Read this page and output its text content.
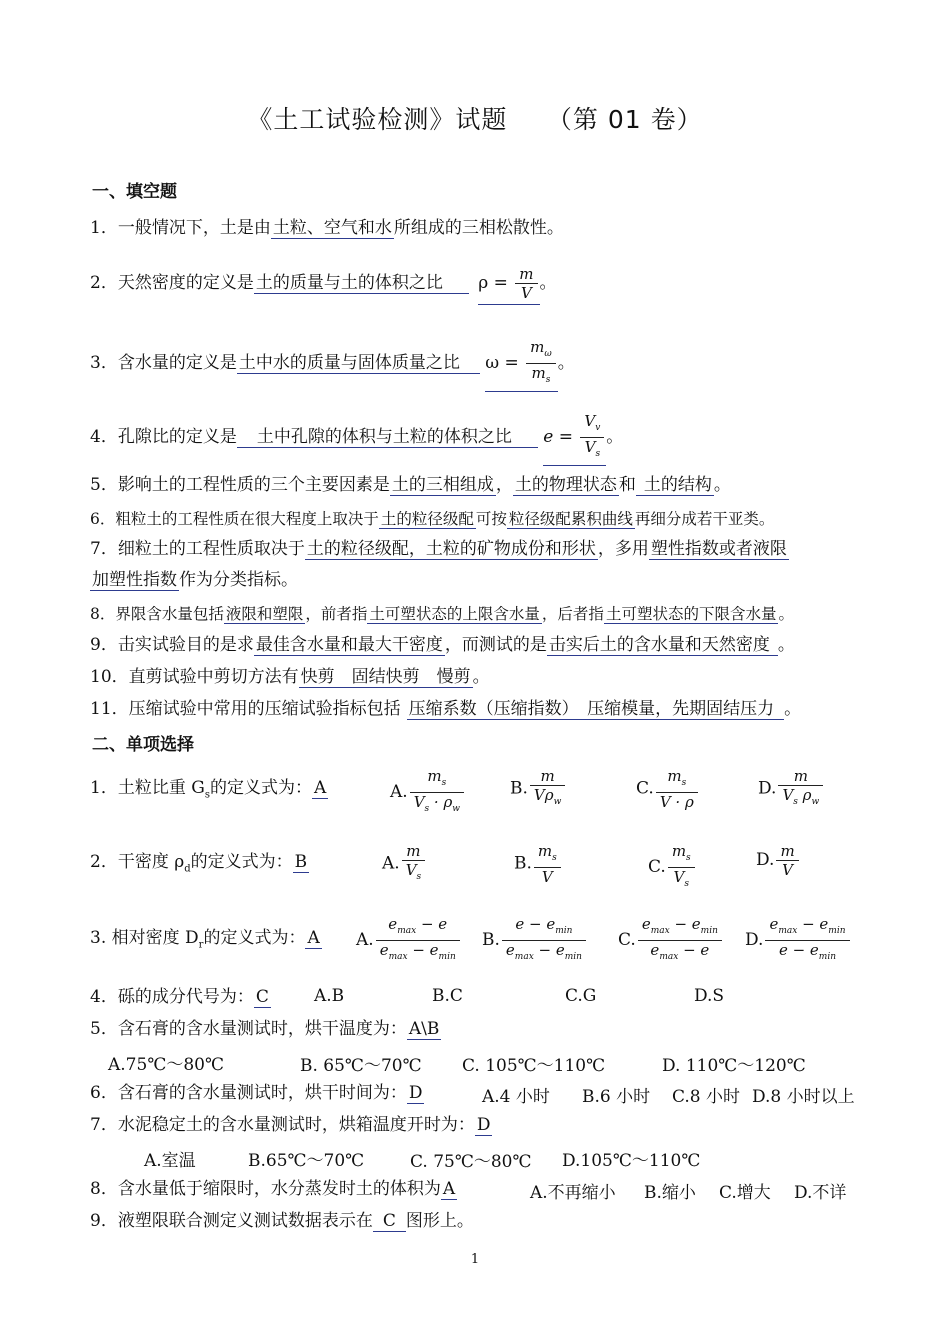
《土工试验检测》试题　　（第 01 卷）
一、填空题
1．一般情况下，土是由 土粒、空气和水 所组成的三相松散性。
2．天然密度的定义是 土的质量与土的体积之比 $\rho = \frac{m}{V}$ 。
3．含水量的定义是 土中水的质量与固体质量之比 $\omega = \frac{m_\omega}{m_s}$ 。
4．孔隙比的定义是 土中孔隙的体积与土粒的体积之比 $e = \frac{V_v}{V_s}$ 。
5．影响土的工程性质的三个主要因素是 土的三相组成 ， 土的物理状态 和 土的结构 。
6．粗粒土的工程性质在很大程度上取决于 土的粒径级配 可按 粒径级配累积曲线 再细分成若干亚类。
7．细粒土的工程性质取决于 土的粒径级配，土粒的矿物成份和形状 ，多用 塑性指数或者液限
加塑性指数 作为分类指标。
8．界限含水量包括 液限和塑限 ，前者指 土可塑状态的上限含水量 ，后者指 土可塑状态的下限含水量 。
9．击实试验目的是求 最佳含水量和最大干密度 ，而测试的是 击实后土的含水量和天然密度 。
10．直剪试验中剪切方法有 快剪　固结快剪　慢剪 。
11．压缩试验中常用的压缩试验指标包括 压缩系数（压缩指数）　压缩模量，先期固结压力 。
二、单项选择
1．土粒比重 $G_s$的定义式为： A	A. $\frac{m_s}{V_s \cdot \rho_w}$	B. $\frac{m}{V\rho_w}$	C. $\frac{m_s}{V \cdot \rho}$	D. $\frac{m}{V_s \rho_w}$
2．干密度 $\rho_d$的定义式为： B	A. $\frac{m}{V_s}$	B. $\frac{m_s}{V}$	C. $\frac{m_s}{V_s}$	D. $\frac{m}{V}$
3. 相对密度 $D_r$的定义式为： A A. $\frac{e_{max} - e}{e_{max} - e_{min}} B$. $\frac{e - e_{min}}{e_{max} - e_{min}} C$. $\frac{e_{max} - e_{min}}{e_{max} - e} D$. $\frac{e_{max} - e_{min}}{e - e_{min}}$
4．砾的成分代号为： C	A.B	B.C	C.G	D.S
5．含石膏的含水量测试时，烘干温度为： A\B
A.75℃～80℃	B. 65℃～70℃ C. 105℃～110℃	D. 110℃～120℃
6．含石膏的含水量测试时，烘干时间为： D	A.4 小时 B.6 小时 C.8 小时 D.8 小时以上
7．水泥稳定土的含水量测试时，烘箱温度开时为： D
A.室温	B.65℃～70℃	C. 75℃～80℃ D.105℃～110℃
8．含水量低于缩限时，水分蒸发时土的体积为 A	A.不再缩小 B.缩小 C.增大 D.不详
9．液塑限联合测定义测试数据表示在 C 图形上。
1
